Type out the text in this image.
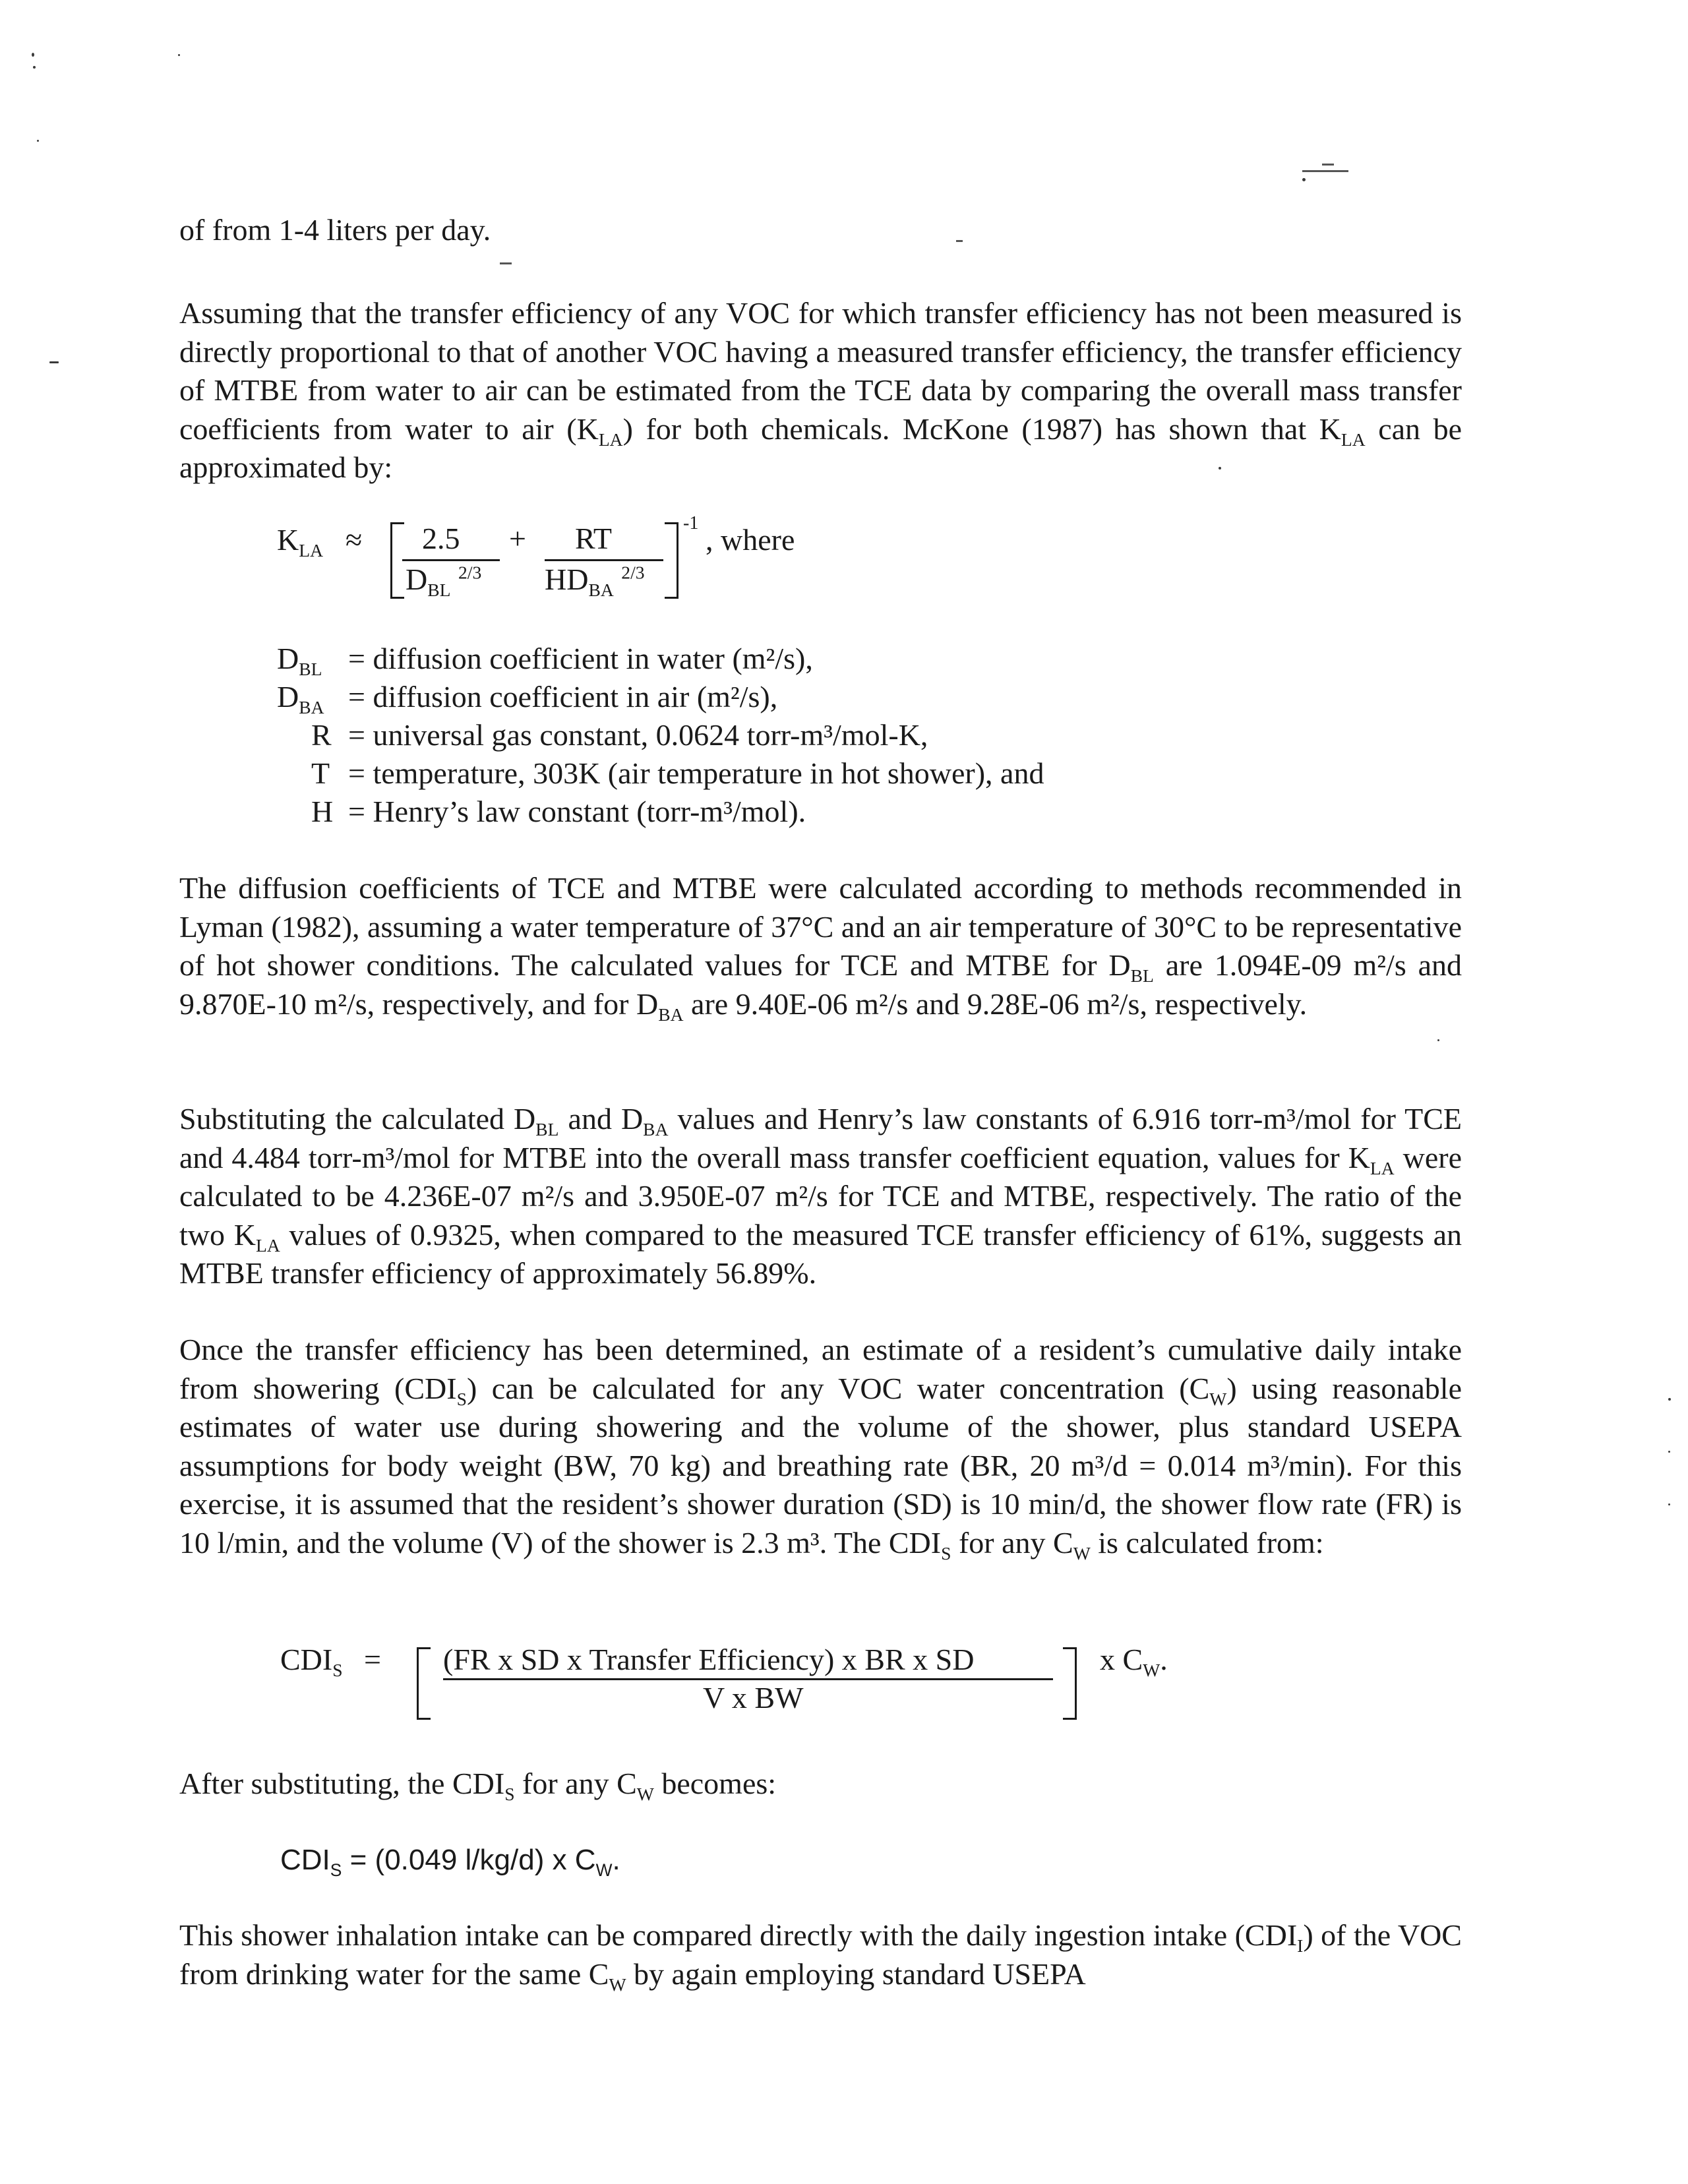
of from 1-4 liters per day.

Assuming that the transfer efficiency of any VOC for which transfer efficiency has not been measured is directly proportional to that of another VOC having a measured transfer efficiency, the transfer efficiency of MTBE from water to air can be estimated from the TCE data by comparing the overall mass transfer coefficients from water to air $(K_{LA})$ for both chemicals. McKone (1987) has shown that $K_{LA}$ can be approximated by:

$K_{LA} \approx 2.5$
$D_{BL}$ $^{2/3}$
+ RT
$HD_{BA}$ $^{2/3}$
-1 , where
$D_{BL}$ = diffusion coefficient in water (m²/s),
$D_{BA}$ = diffusion coefficient in air (m²/s),
R = universal gas constant, 0.0624 torr-m³/mol-K,
T = temperature, 303K (air temperature in hot shower), and
H = Henry’s law constant (torr-m³/mol).

The diffusion coefficients of TCE and MTBE were calculated according to methods recommended in Lyman (1982), assuming a water temperature of 37°C and an air temperature of 30°C to be representative of hot shower conditions. The calculated values for TCE and MTBE for $D_{BL}$ are 1.094E-09 m²/s and 9.870E-10 m²/s, respectively, and for $D_{BA}$ are 9.40E-06 m²/s and 9.28E-06 m²/s, respectively.

Substituting the calculated $D_{BL}$ and $D_{BA}$ values and Henry’s law constants of 6.916 torr-m³/mol for TCE and 4.484 torr-m³/mol for MTBE into the overall mass transfer coefficient equation, values for $K_{LA}$ were calculated to be 4.236E-07 m²/s and 3.950E-07 m²/s for TCE and MTBE, respectively. The ratio of the two $K_{LA}$ values of 0.9325, when compared to the measured TCE transfer efficiency of 61%, suggests an MTBE transfer efficiency of approximately 56.89%.

Once the transfer efficiency has been determined, an estimate of a resident’s cumulative daily intake from showering $(CDI_S)$ can be calculated for any VOC water concentration $(C_W)$ using reasonable estimates of water use during showering and the volume of the shower, plus standard USEPA assumptions for body weight (BW, 70 kg) and breathing rate (BR, 20 m³/d = 0.014 m³/min). For this exercise, it is assumed that the resident’s shower duration (SD) is 10 min/d, the shower flow rate (FR) is 10 l/min, and the volume (V) of the shower is 2.3 m³. The $CDI_S$ for any $C_W$ is calculated from:

$CDI_S = (FR$ x SD x Transfer Efficiency) x BR x SD
V x BW
x $C_W$.
After substituting, the $CDI_S$ for any $C_W$ becomes:
$CDI_S = (0.049$ l/kg/d) x $C_W$.

This shower inhalation intake can be compared directly with the daily ingestion intake $(CDI_I)$ of the VOC from drinking water for the same $C_W$ by again employing standard USEPA
